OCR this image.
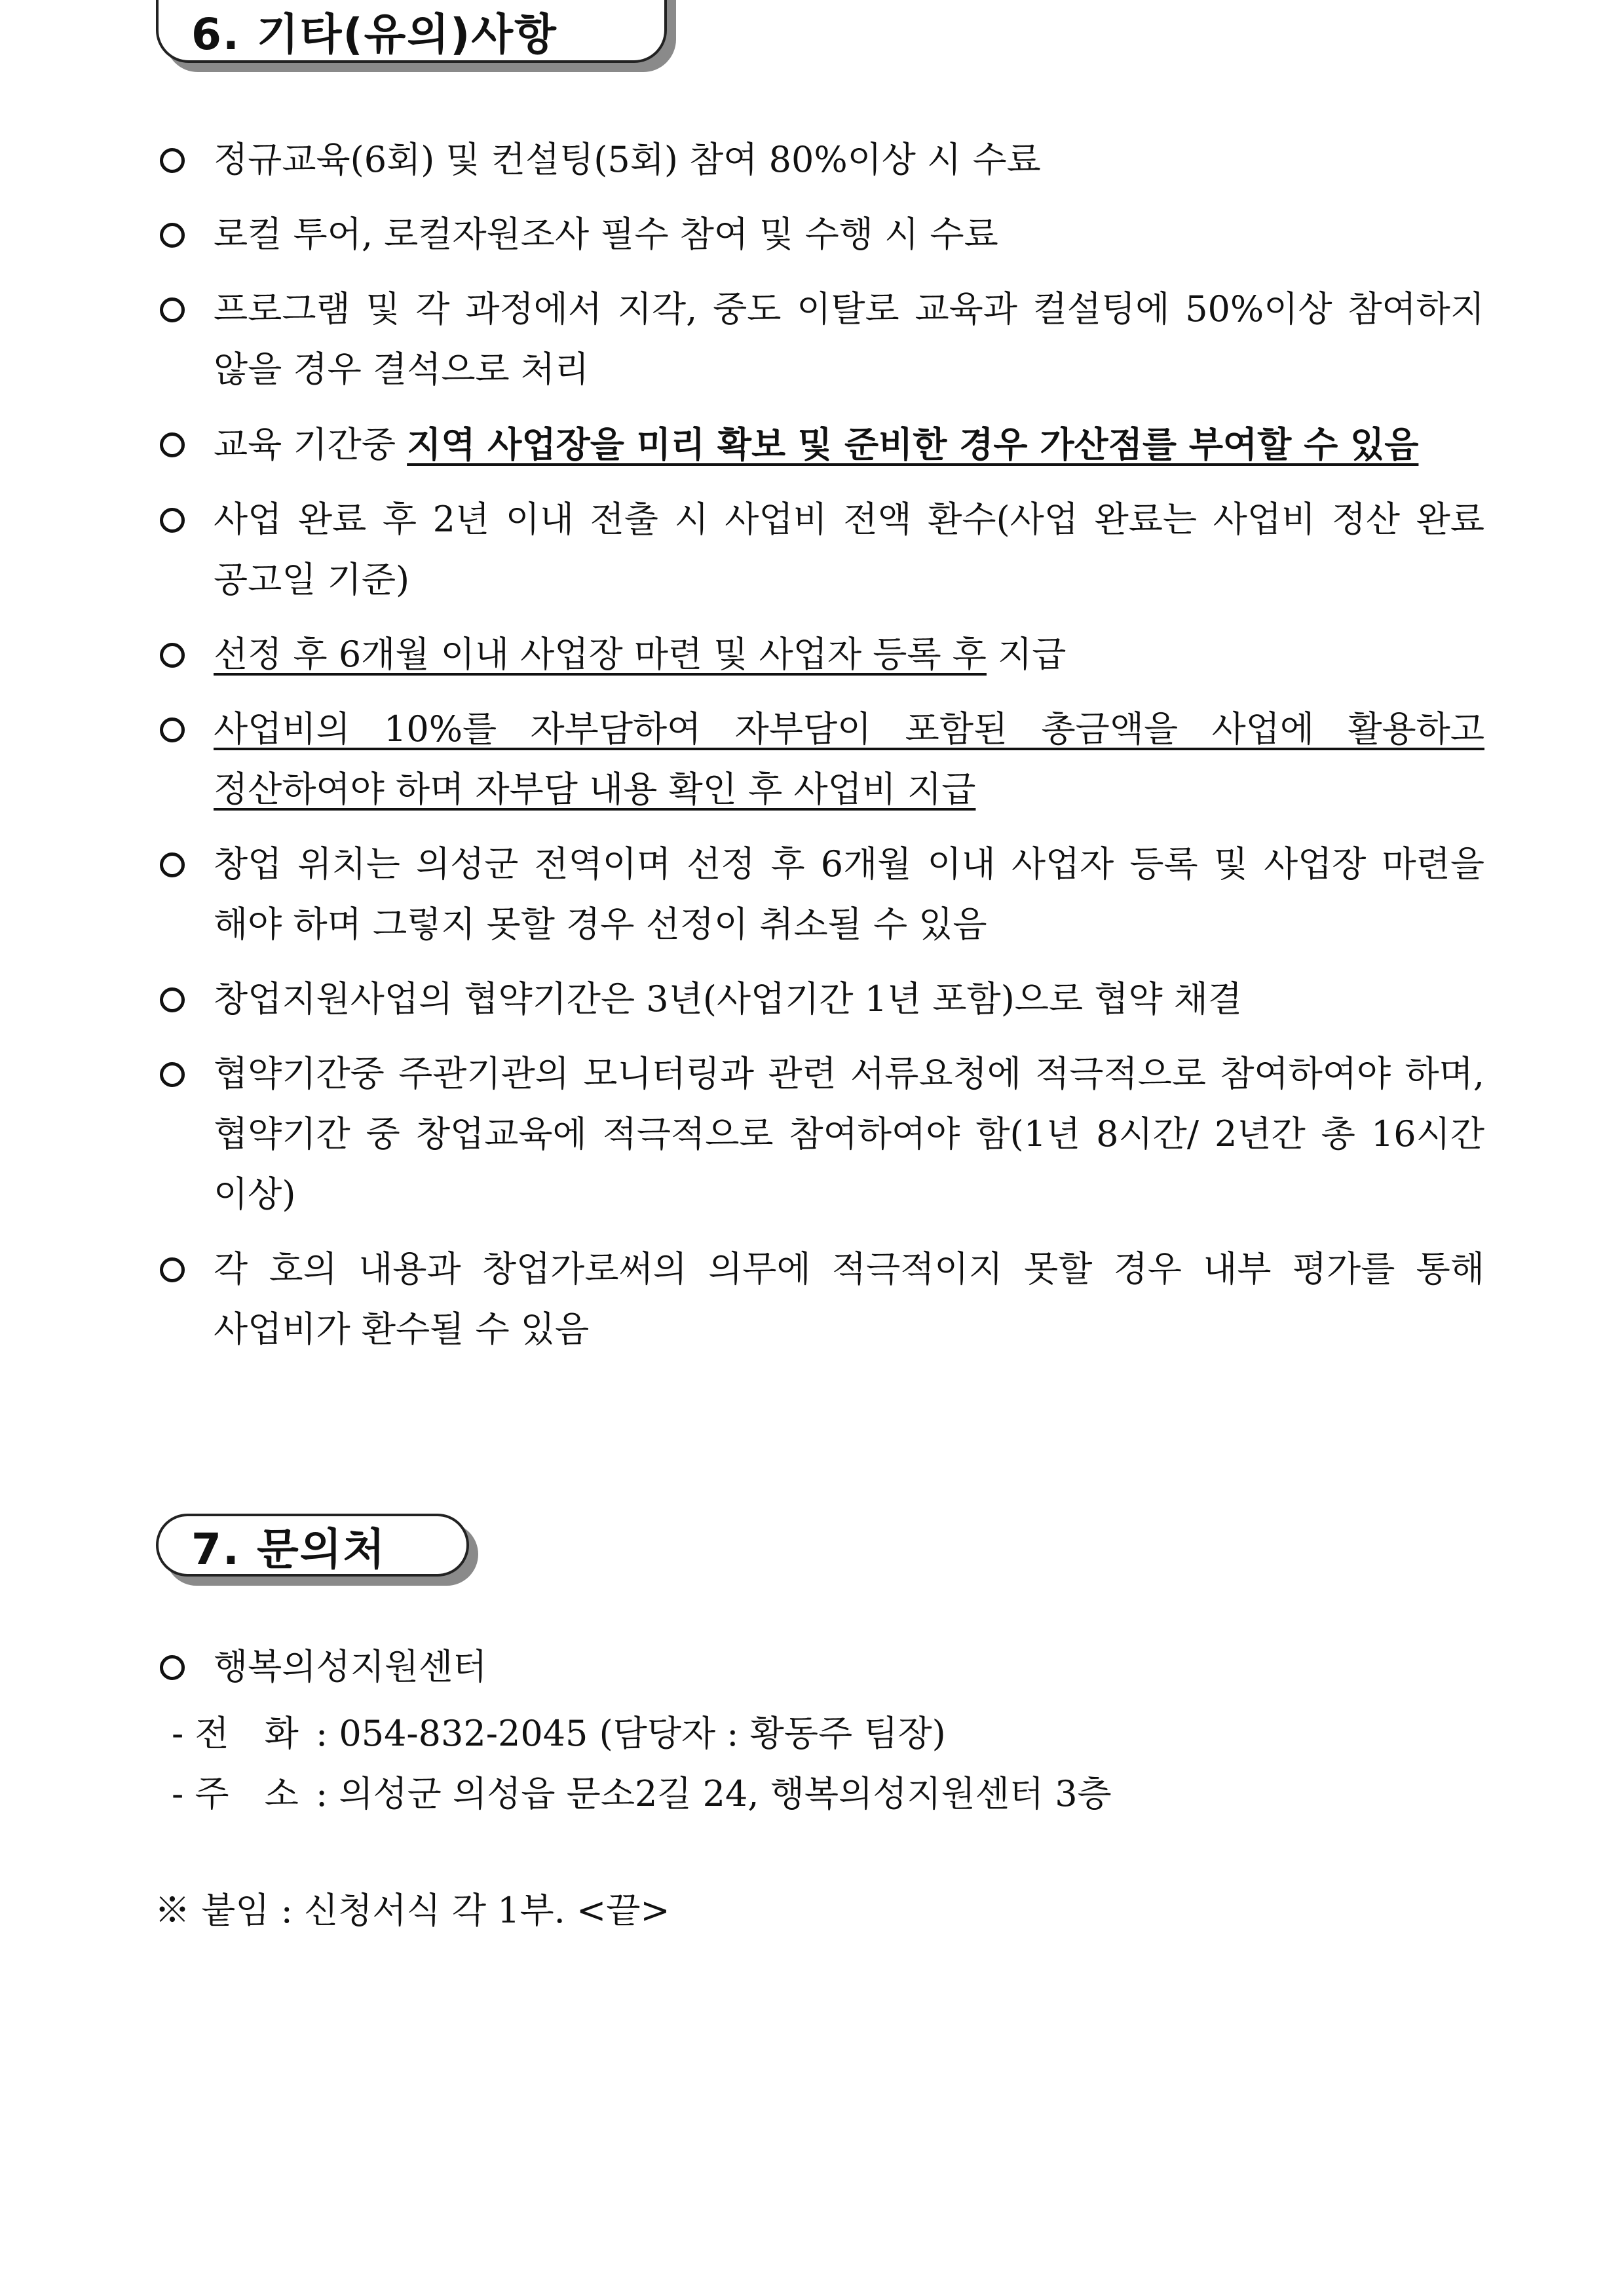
6. 기타(유의)사항
정규교육(6회) 및 컨설팅(5회) 참여 80%이상 시 수료
로컬 투어, 로컬자원조사 필수 참여 및 수행 시 수료
프로그램 및 각 과정에서 지각, 중도 이탈로 교육과 컬설팅에 50%이상 참여하지 않을 경우 결석으로 처리
교육 기간중 지역 사업장을 미리 확보 및 준비한 경우 가산점를 부여할 수 있음
사업 완료 후 2년 이내 전출 시 사업비 전액 환수(사업 완료는 사업비 정산 완료 공고일 기준)
선정 후 6개월 이내 사업장 마련 및 사업자 등록 후 지급
사업비의 10%를 자부담하여 자부담이 포함된 총금액을 사업에 활용하고 정산하여야 하며 자부담 내용 확인 후 사업비 지급
창업 위치는 의성군 전역이며 선정 후 6개월 이내 사업자 등록 및 사업장 마련을 해야 하며 그렇지 못할 경우 선정이 취소될 수 있음
창업지원사업의 협약기간은 3년(사업기간 1년 포함)으로 협약 채결
협약기간중 주관기관의 모니터링과 관련 서류요청에 적극적으로 참여하여야 하며, 협약기간 중 창업교육에 적극적으로 참여하여야 함(1년 8시간/ 2년간 총 16시간 이상)
각 호의 내용과 창업가로써의 의무에 적극적이지 못할 경우 내부 평가를 통해 사업비가 환수될 수 있음
7. 문의처
행복의성지원센터
- 전　화 : 054-832-2045 (담당자 : 황동주 팀장)
- 주　소 : 의성군 의성읍 문소2길 24, 행복의성지원센터 3층
※ 붙임 : 신청서식 각 1부. <끝>
